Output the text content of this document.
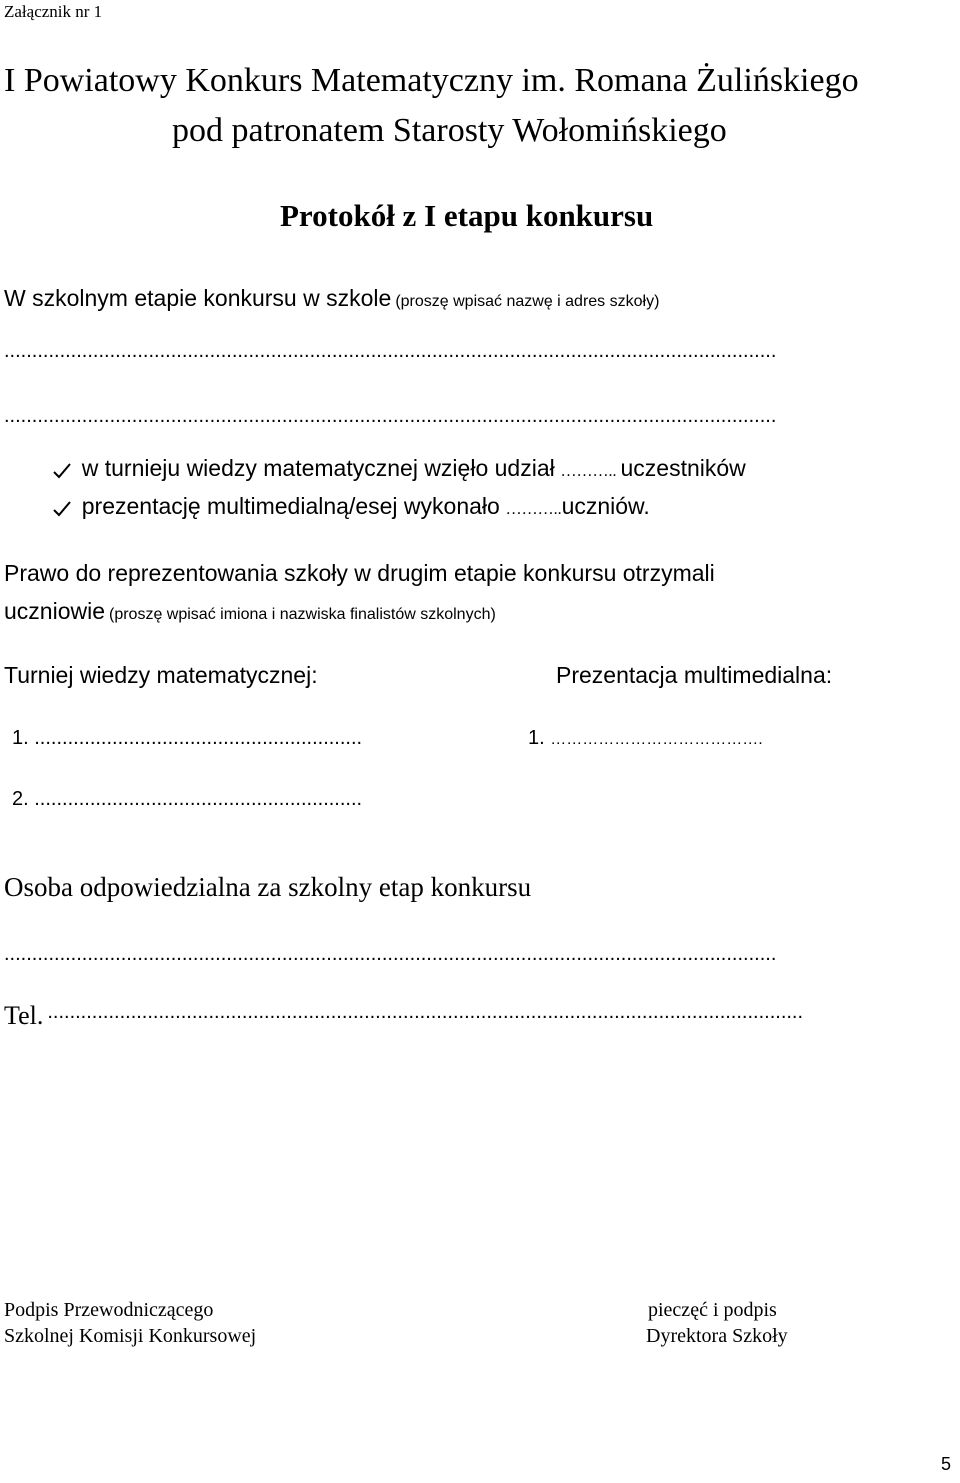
Załącznik nr 1
I Powiatowy Konkurs Matematyczny im. Romana Żulińskiego
pod patronatem Starosty Wołomińskiego
Protokół z I etapu konkursu
W szkolnym etapie konkursu w szkole (proszę wpisać nazwę i adres szkoły)
...........................................................................................................................................
...........................................................................................................................................
w turnieju wiedzy matematycznej wzięło udział ……….. uczestników
prezentację multimedialną/esej wykonało ………..uczniów.
Prawo do reprezentowania szkoły w drugim etapie konkursu otrzymali
uczniowie (proszę wpisać imiona i nazwiska finalistów szkolnych)
Turniej wiedzy matematycznej:	Prezentacja multimedialna:
1. ...........................................................
2. ...........................................................
1. ………………………………….
Osoba odpowiedzialna za szkolny etap konkursu
...........................................................................................................................................
Tel. ........................................................................................................................................
Podpis Przewodniczącego
Szkolnej Komisji Konkursowej
pieczęć i podpis
Dyrektora Szkoły
5
